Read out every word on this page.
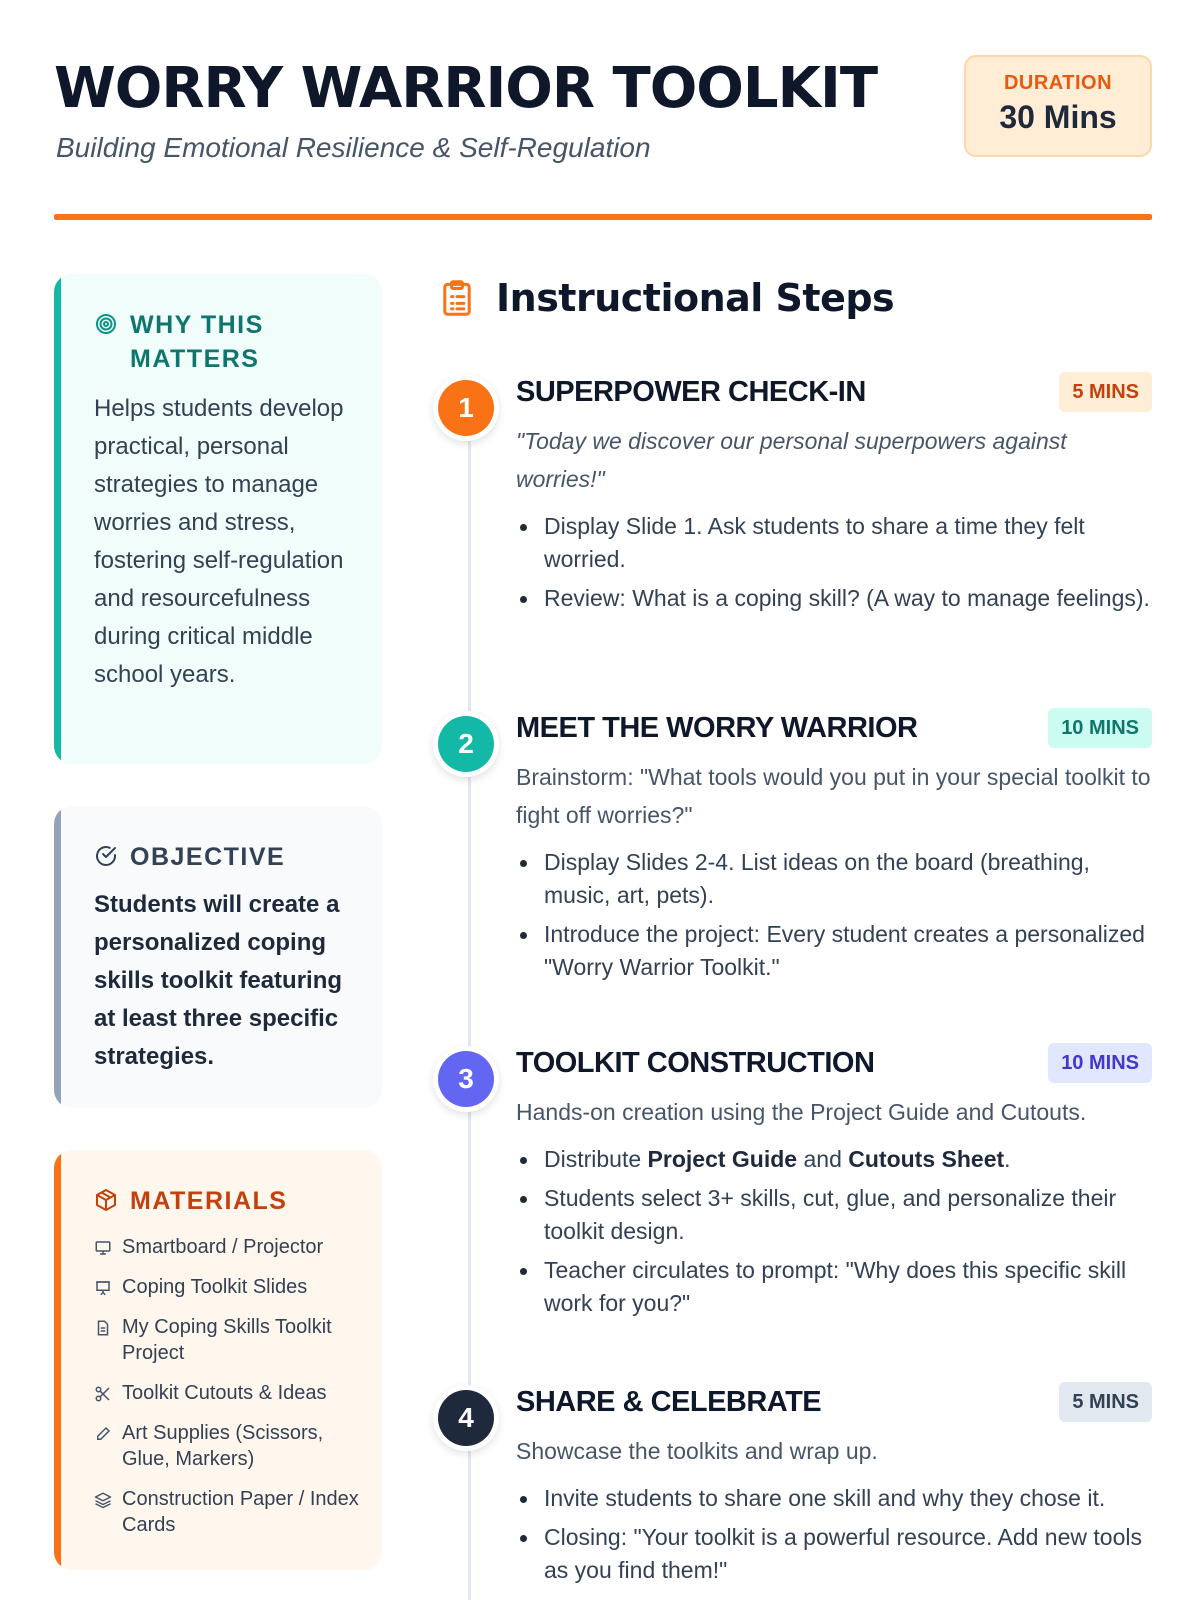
WORRY WARRIOR TOOLKIT
Building Emotional Resilience & Self-Regulation
DURATION
30 Mins
WHY THIS MATTERS
Helps students develop practical, personal strategies to manage worries and stress, fostering self-regulation and resourcefulness during critical middle school years.
OBJECTIVE
Students will create a personalized coping skills toolkit featuring at least three specific strategies.
MATERIALS
Smartboard / Projector
Coping Toolkit Slides
My Coping Skills Toolkit Project
Toolkit Cutouts & Ideas
Art Supplies (Scissors, Glue, Markers)
Construction Paper / Index Cards
Instructional Steps
1	SUPERPOWER CHECK-IN	5 MINS
"Today we discover our personal superpowers against worries!"
Display Slide 1. Ask students to share a time they felt worried.
Review: What is a coping skill? (A way to manage feelings).
2	MEET THE WORRY WARRIOR	10 MINS
Brainstorm: "What tools would you put in your special toolkit to fight off worries?"
Display Slides 2-4. List ideas on the board (breathing, music, art, pets).
Introduce the project: Every student creates a personalized "Worry Warrior Toolkit."
3	TOOLKIT CONSTRUCTION	10 MINS
Hands-on creation using the Project Guide and Cutouts.
Distribute Project Guide and Cutouts Sheet.
Students select 3+ skills, cut, glue, and personalize their toolkit design.
Teacher circulates to prompt: "Why does this specific skill work for you?"
4	SHARE & CELEBRATE	5 MINS
Showcase the toolkits and wrap up.
Invite students to share one skill and why they chose it.
Closing: "Your toolkit is a powerful resource. Add new tools as you find them!"
